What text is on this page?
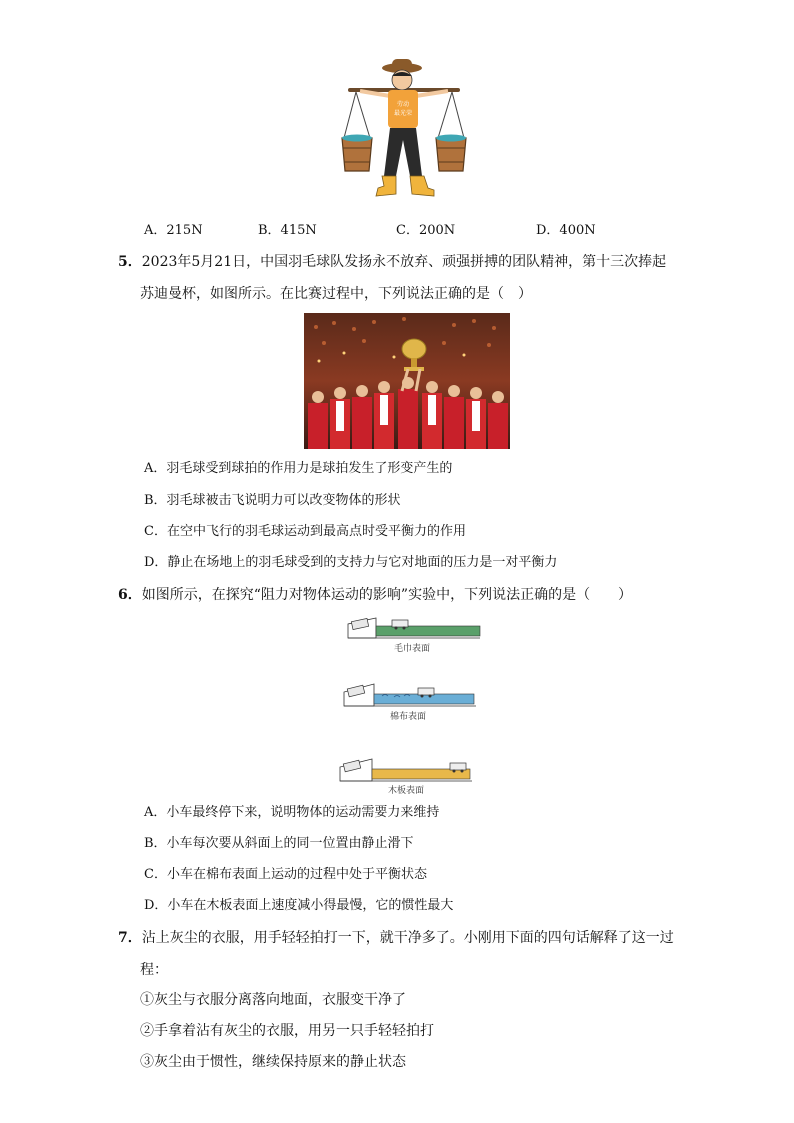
劳动
最光荣
A．215N	B．415N	C．200N	D．400N
5．2023年5月21日，中国羽毛球队发扬永不放弃、顽强拼搏的团队精神，第十三次捧起
苏迪曼杯，如图所示。在比赛过程中，下列说法正确的是（　）
A．羽毛球受到球拍的作用力是球拍发生了形变产生的
B．羽毛球被击飞说明力可以改变物体的形状
C．在空中飞行的羽毛球运动到最高点时受平衡力的作用
D．静止在场地上的羽毛球受到的支持力与它对地面的压力是一对平衡力
6．如图所示，在探究“阻力对物体运动的影响”实验中，下列说法正确的是（　　）
毛巾表面
棉布表面
木板表面
A．小车最终停下来，说明物体的运动需要力来维持
B．小车每次要从斜面上的同一位置由静止滑下
C．小车在棉布表面上运动的过程中处于平衡状态
D．小车在木板表面上速度减小得最慢，它的惯性最大
7．沾上灰尘的衣服，用手轻轻拍打一下，就干净多了。小刚用下面的四句话解释了这一过
程：
①灰尘与衣服分离落向地面，衣服变干净了
②手拿着沾有灰尘的衣服，用另一只手轻轻拍打
③灰尘由于惯性，继续保持原来的静止状态
